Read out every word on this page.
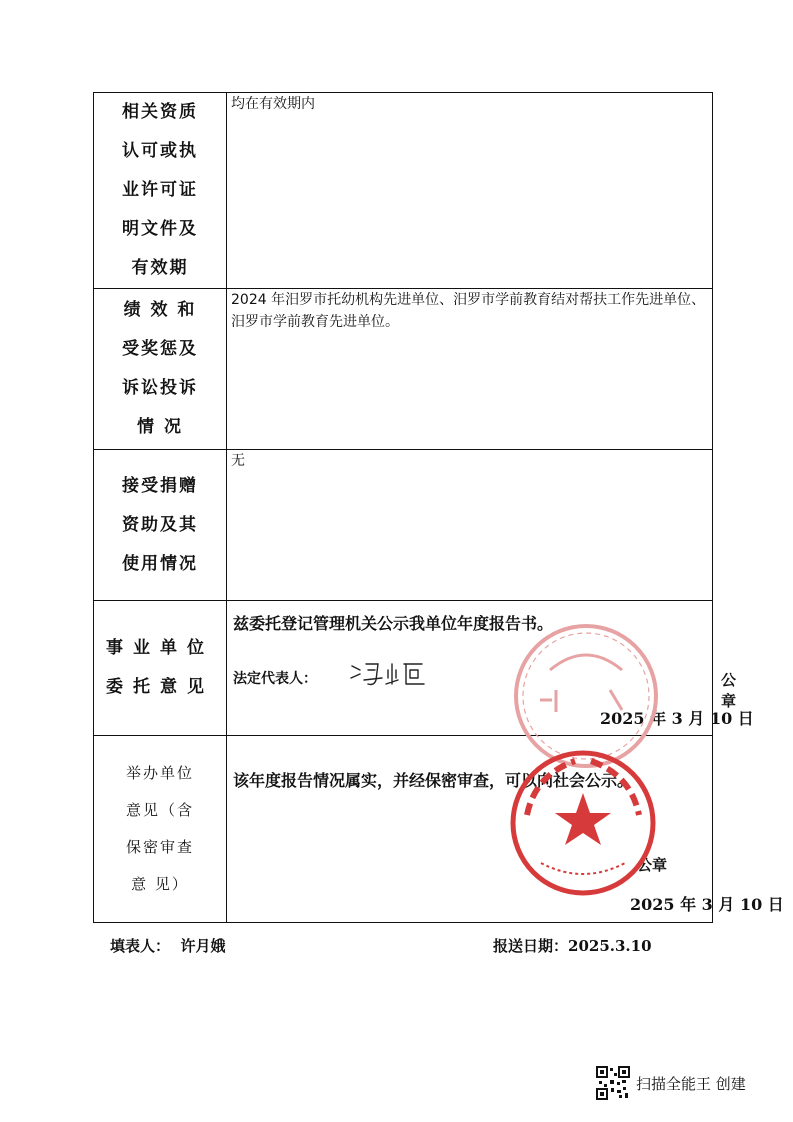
相关资质
认可或执
业许可证
明文件及
有效期	均在有效期内

绩 效 和
受奖惩及
诉讼投诉
情 况	2024 年汨罗市托幼机构先进单位、汨罗市学前教育结对帮扶工作先进单位、汨罗市学前教育先进单位。

接受捐赠
资助及其
使用情况	无

事业单位
委托意见	兹委托登记管理机关公示我单位年度报告书。
法定代表人： 公章
2025 年 3 月 10 日

举办单位
意见（含
保密审查
意 见）	该年度报告情况属实，并经保密审查，可以向社会公示。
公章
2025 年 3 月 10 日
填表人： 许月娥	报送日期：2025.3.10
扫描全能王 创建
